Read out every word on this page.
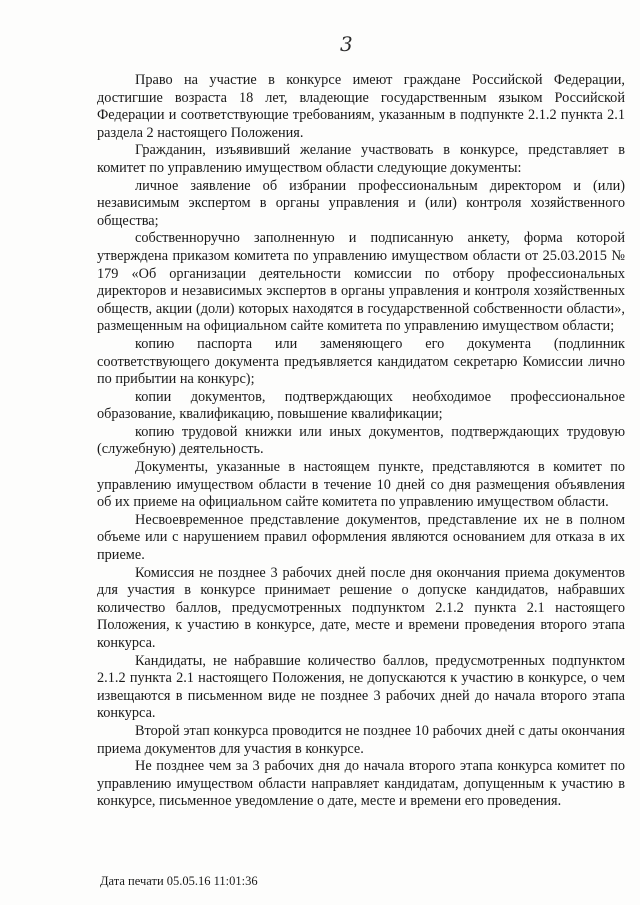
3

Право на участие в конкурсе имеют граждане Российской Федерации, достигшие возраста 18 лет, владеющие государственным языком Российской Федерации и соответствующие требованиям, указанным в подпункте 2.1.2 пункта 2.1 раздела 2 настоящего Положения.

Гражданин, изъявивший желание участвовать в конкурсе, представляет в комитет по управлению имуществом области следующие документы:

личное заявление об избрании профессиональным директором и (или) независимым экспертом в органы управления и (или) контроля хозяйственного общества;

собственноручно заполненную и подписанную анкету, форма которой утверждена приказом комитета по управлению имуществом области от 25.03.2015 № 179 «Об организации деятельности комиссии по отбору профессиональных директоров и независимых экспертов в органы управления и контроля хозяйственных обществ, акции (доли) которых находятся в государственной собственности области», размещенным на официальном сайте комитета по управлению имуществом области;

копию паспорта или заменяющего его документа (подлинник соответствующего документа предъявляется кандидатом секретарю Комиссии лично по прибытии на конкурс);

копии документов, подтверждающих необходимое профессиональное образование, квалификацию, повышение квалификации;

копию трудовой книжки или иных документов, подтверждающих трудовую (служебную) деятельность.

Документы, указанные в настоящем пункте, представляются в комитет по управлению имуществом области в течение 10 дней со дня размещения объявления об их приеме на официальном сайте комитета по управлению имуществом области.

Несвоевременное представление документов, представление их не в полном объеме или с нарушением правил оформления являются основанием для отказа в их приеме.

Комиссия не позднее 3 рабочих дней после дня окончания приема документов для участия в конкурсе принимает решение о допуске кандидатов, набравших количество баллов, предусмотренных подпунктом 2.1.2 пункта 2.1 настоящего Положения, к участию в конкурсе, дате, месте и времени проведения второго этапа конкурса.

Кандидаты, не набравшие количество баллов, предусмотренных подпунктом 2.1.2 пункта 2.1 настоящего Положения, не допускаются к участию в конкурсе, о чем извещаются в письменном виде не позднее 3 рабочих дней до начала второго этапа конкурса.

Второй этап конкурса проводится не позднее 10 рабочих дней с даты окончания приема документов для участия в конкурсе.

Не позднее чем за 3 рабочих дня до начала второго этапа конкурса комитет по управлению имуществом области направляет кандидатам, допущенным к участию в конкурсе, письменное уведомление о дате, месте и времени его проведения.

Дата печати 05.05.16 11:01:36
